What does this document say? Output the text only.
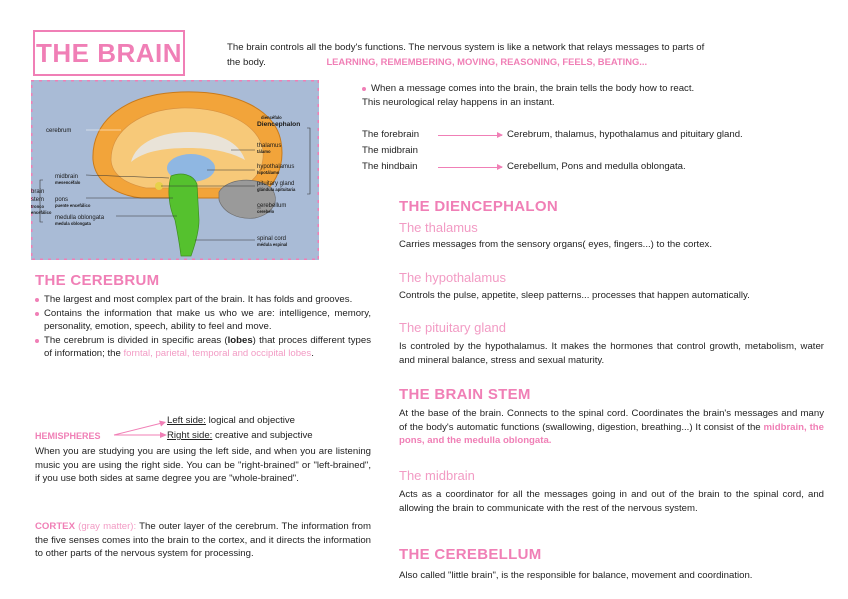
THE BRAIN	The brain controls all the body's functions. The nervous system is like a network that relays messages to parts of
the body.	LEARNING, REMEMBERING, MOVING, REASONING, FEELS, BEATING...
cerebrum
diencéfalo
Diencephalon
thalamus
tálamo
hypothalamus
hipotálamo
pituitary gland
glándula apituitaria
cerebellum
cerebelo
spinal cord
médula espinal
brain
stem
tronco
encefálico
midbrain
mesencéfalo
pons
puente encefálico
medulla oblongata
medula oblongata
When a message comes into the brain, the brain tells the body how to react.
This neurological relay happens in an instant.
The forebrain	Cerebrum, thalamus, hypothalamus and pituitary gland.
The midbrain
The hindbain	Cerebellum, Pons and medulla oblongata.
THE CEREBRUM
The largest and most complex part of the brain. It has folds and grooves.
Contains the information that make us who we are: intelligence, memory, personality, emotion, speech, ability to feel and move.
The cerebrum is divided in specific areas (lobes) that proces different types of information; the forntal, parietal, temporal and occipital lobes.
Left side: logical and objective
Right side: creative and subjective
HEMISPHERES
When you are studying you are using the left side, and when you are listening music you are using the right side. You can be "right-brained" or "left-brained", if you use both sides at same degree you are "whole-brained".
CORTEX (gray matter): The outer layer of the cerebrum. The information from the five senses comes into the brain to the cortex, and it directs the information to other parts of the nervous system for processing.
THE DIENCEPHALON
The thalamus
Carries messages from the sensory organs( eyes, fingers...) to the cortex.
The hypothalamus
Controls the pulse, appetite, sleep patterns... processes that happen automatically.
The pituitary gland
Is controled by the hypothalamus. It makes the hormones that control growth, metabolism, water and mineral balance, stress and sexual maturity.
THE BRAIN STEM
At the base of the brain. Connects to the spinal cord. Coordinates the brain's messages and many of the body's automatic functions (swallowing, digestion, breathing...) It consist of the midbrain, the pons, and the medulla oblongata.
The midbrain
Acts as a coordinator for all the messages going in and out of the brain to the spinal cord, and allowing the brain to communicate with the rest of the nervous system.
THE CEREBELLUM
Also called "little brain", is the responsible for balance, movement and coordination.
